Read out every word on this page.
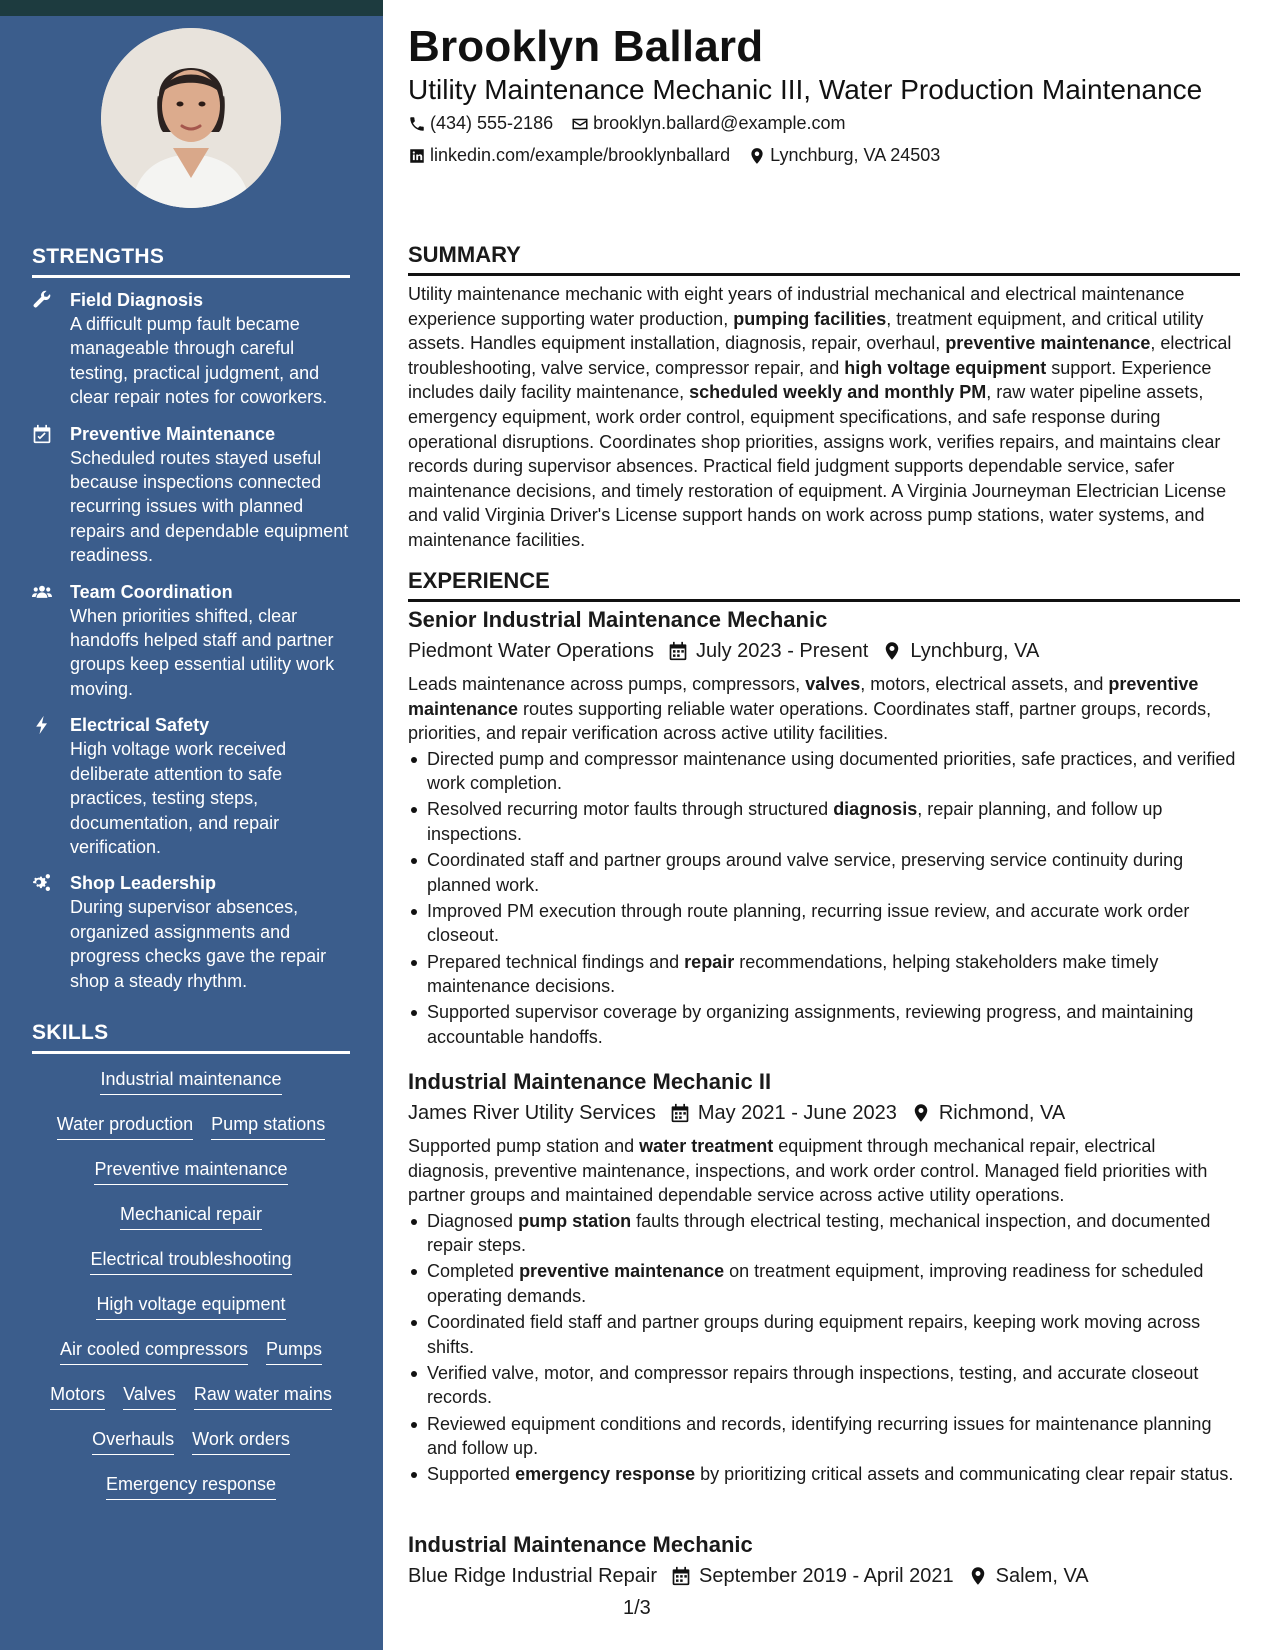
STRENGTHS
Field Diagnosis
A difficult pump fault became manageable through careful testing, practical judgment, and clear repair notes for coworkers.
Preventive Maintenance
Scheduled routes stayed useful because inspections connected recurring issues with planned repairs and dependable equipment readiness.
Team Coordination
When priorities shifted, clear handoffs helped staff and partner groups keep essential utility work moving.
Electrical Safety
High voltage work received deliberate attention to safe practices, testing steps, documentation, and repair verification.
Shop Leadership
During supervisor absences, organized assignments and progress checks gave the repair shop a steady rhythm.
SKILLS
Industrial maintenance
Water production Pump stations
Preventive maintenance
Mechanical repair
Electrical troubleshooting
High voltage equipment
Air cooled compressors Pumps
Motors Valves Raw water mains
Overhauls Work orders
Emergency response
Brooklyn Ballard
Utility Maintenance Mechanic III, Water Production Maintenance
(434) 555-2186 brooklyn.ballard@example.com
linkedin.com/example/brooklynballard Lynchburg, VA 24503
SUMMARY
Utility maintenance mechanic with eight years of industrial mechanical and electrical maintenance experience supporting water production, pumping facilities, treatment equipment, and critical utility assets. Handles equipment installation, diagnosis, repair, overhaul, preventive maintenance, electrical troubleshooting, valve service, compressor repair, and high voltage equipment support. Experience includes daily facility maintenance, scheduled weekly and monthly PM, raw water pipeline assets, emergency equipment, work order control, equipment specifications, and safe response during operational disruptions. Coordinates shop priorities, assigns work, verifies repairs, and maintains clear records during supervisor absences. Practical field judgment supports dependable service, safer maintenance decisions, and timely restoration of equipment. A Virginia Journeyman Electrician License and valid Virginia Driver's License support hands on work across pump stations, water systems, and maintenance facilities.
EXPERIENCE
Senior Industrial Maintenance Mechanic
Piedmont Water Operations July 2023 - Present Lynchburg, VA
Leads maintenance across pumps, compressors, valves, motors, electrical assets, and preventive maintenance routes supporting reliable water operations. Coordinates staff, partner groups, records, priorities, and repair verification across active utility facilities.
Directed pump and compressor maintenance using documented priorities, safe practices, and verified work completion.
Resolved recurring motor faults through structured diagnosis, repair planning, and follow up inspections.
Coordinated staff and partner groups around valve service, preserving service continuity during planned work.
Improved PM execution through route planning, recurring issue review, and accurate work order closeout.
Prepared technical findings and repair recommendations, helping stakeholders make timely maintenance decisions.
Supported supervisor coverage by organizing assignments, reviewing progress, and maintaining accountable handoffs.
Industrial Maintenance Mechanic II
James River Utility Services May 2021 - June 2023 Richmond, VA
Supported pump station and water treatment equipment through mechanical repair, electrical diagnosis, preventive maintenance, inspections, and work order control. Managed field priorities with partner groups and maintained dependable service across active utility operations.
Diagnosed pump station faults through electrical testing, mechanical inspection, and documented repair steps.
Completed preventive maintenance on treatment equipment, improving readiness for scheduled operating demands.
Coordinated field staff and partner groups during equipment repairs, keeping work moving across shifts.
Verified valve, motor, and compressor repairs through inspections, testing, and accurate closeout records.
Reviewed equipment conditions and records, identifying recurring issues for maintenance planning and follow up.
Supported emergency response by prioritizing critical assets and communicating clear repair status.
Industrial Maintenance Mechanic
Blue Ridge Industrial Repair September 2019 - April 2021 Salem, VA
1/3
